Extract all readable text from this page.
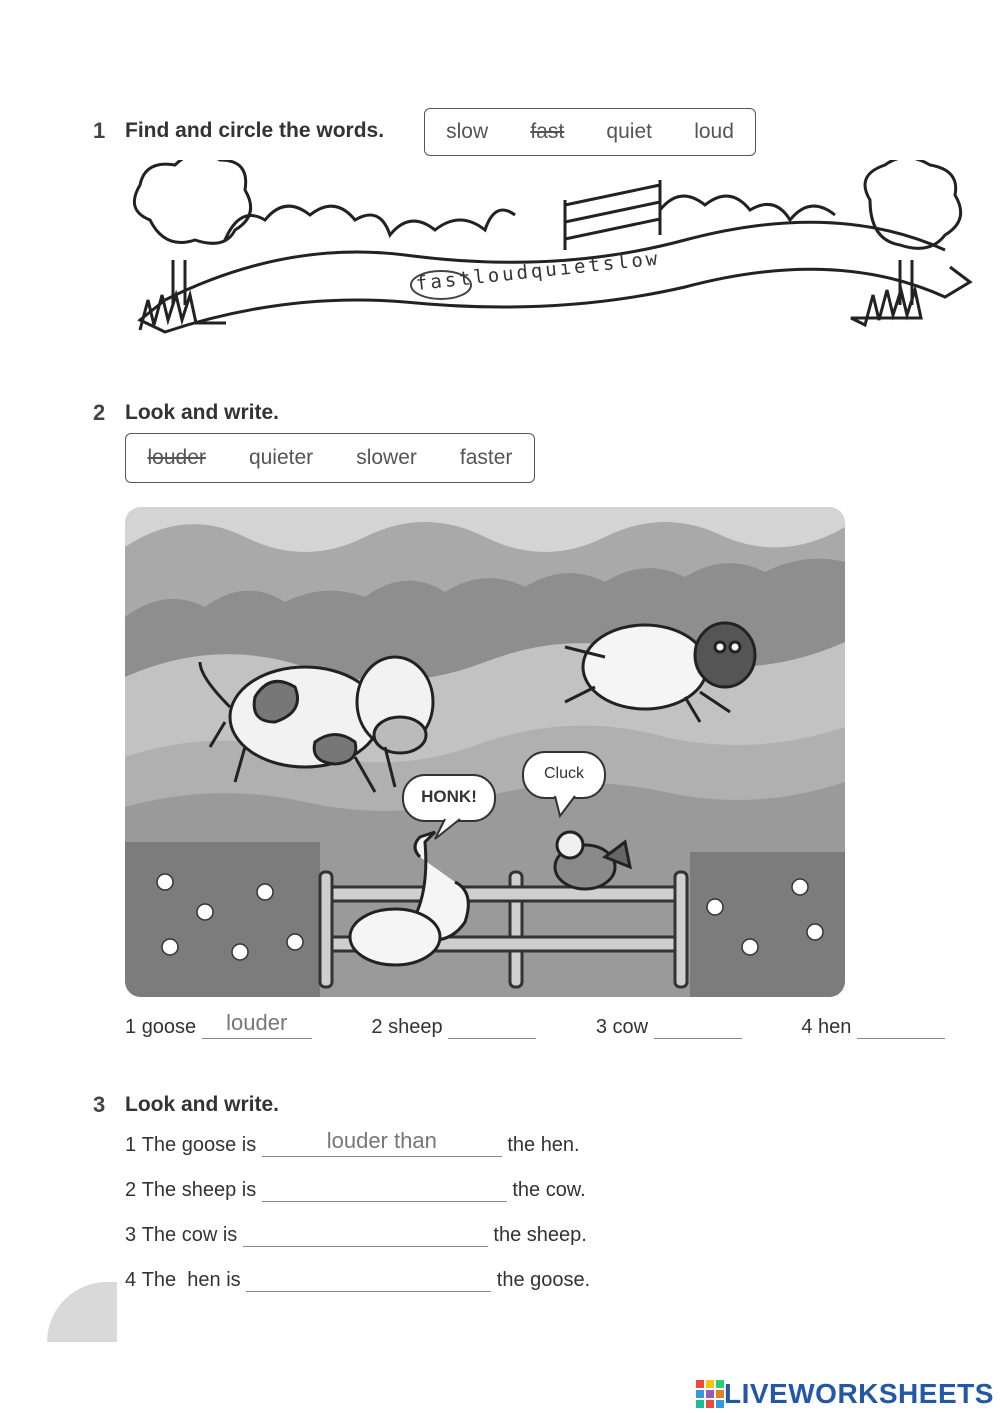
1 Find and circle the words.	slow fast quiet loud
fastloudquietslow
2 Look and write.
louder quieter slower faster
HONK!
Cluck
1
goose

louder	2
sheep
	3
cow
	4
hen

3 Look and write.
1
The goose is

louder than
	the hen.
2
The sheep is

	the cow.
3
The cow is

	the sheep.
4
The  hen is

	the goose.
LIVEWORKSHEETS
